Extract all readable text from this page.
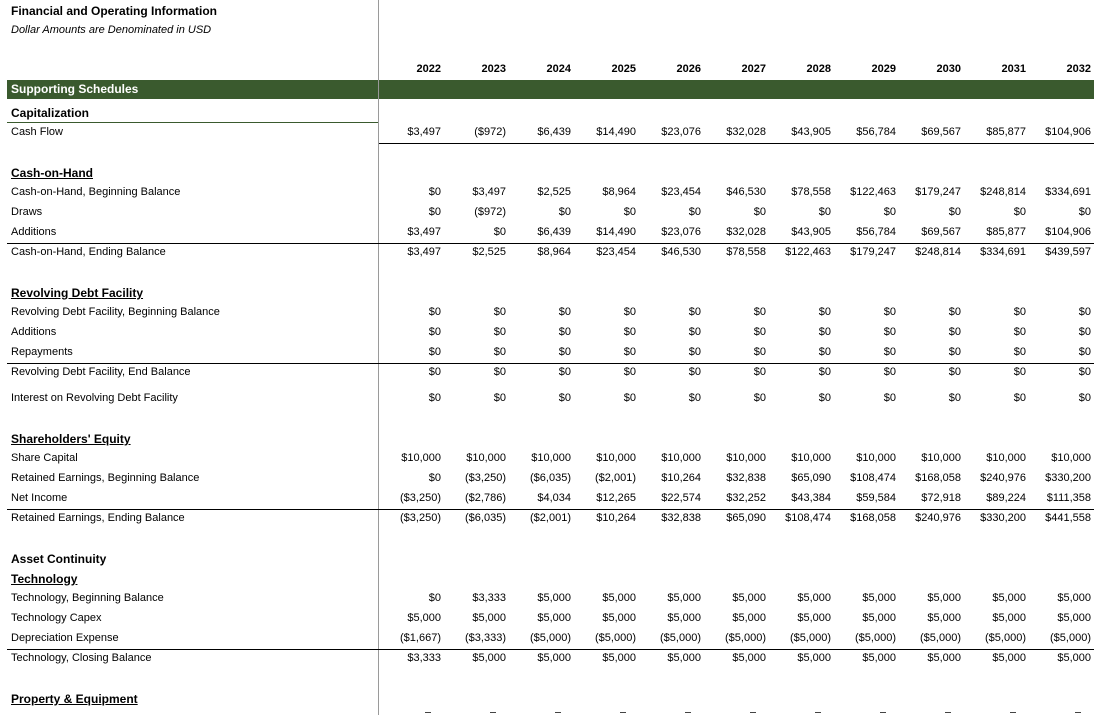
Financial and Operating Information
Dollar Amounts are Denominated in USD
2022	2023	2024	2025	2026	2027	2028	2029	2030	2031	2032
Supporting Schedules
Capitalization
Cash Flow	$3,497	($972)	$6,439	$14,490	$23,076	$32,028	$43,905	$56,784	$69,567	$85,877	$104,906
Cash-on-Hand
Cash-on-Hand, Beginning Balance	$0	$3,497	$2,525	$8,964	$23,454	$46,530	$78,558	$122,463	$179,247	$248,814	$334,691
Draws	$0	($972)	$0	$0	$0	$0	$0	$0	$0	$0	$0
Additions	$3,497	$0	$6,439	$14,490	$23,076	$32,028	$43,905	$56,784	$69,567	$85,877	$104,906
Cash-on-Hand, Ending Balance	$3,497	$2,525	$8,964	$23,454	$46,530	$78,558	$122,463	$179,247	$248,814	$334,691	$439,597
Revolving Debt Facility
Revolving Debt Facility, Beginning Balance	$0	$0	$0	$0	$0	$0	$0	$0	$0	$0	$0
Additions	$0	$0	$0	$0	$0	$0	$0	$0	$0	$0	$0
Repayments	$0	$0	$0	$0	$0	$0	$0	$0	$0	$0	$0
Revolving Debt Facility, End Balance	$0	$0	$0	$0	$0	$0	$0	$0	$0	$0	$0
Interest on Revolving Debt Facility	$0	$0	$0	$0	$0	$0	$0	$0	$0	$0	$0
Shareholders' Equity
Share Capital	$10,000	$10,000	$10,000	$10,000	$10,000	$10,000	$10,000	$10,000	$10,000	$10,000	$10,000
Retained Earnings, Beginning Balance	$0	($3,250)	($6,035)	($2,001)	$10,264	$32,838	$65,090	$108,474	$168,058	$240,976	$330,200
Net Income	($3,250)	($2,786)	$4,034	$12,265	$22,574	$32,252	$43,384	$59,584	$72,918	$89,224	$111,358
Retained Earnings, Ending Balance	($3,250)	($6,035)	($2,001)	$10,264	$32,838	$65,090	$108,474	$168,058	$240,976	$330,200	$441,558
Asset Continuity
Technology
Technology, Beginning Balance	$0	$3,333	$5,000	$5,000	$5,000	$5,000	$5,000	$5,000	$5,000	$5,000	$5,000
Technology Capex	$5,000	$5,000	$5,000	$5,000	$5,000	$5,000	$5,000	$5,000	$5,000	$5,000	$5,000
Depreciation Expense	($1,667)	($3,333)	($5,000)	($5,000)	($5,000)	($5,000)	($5,000)	($5,000)	($5,000)	($5,000)	($5,000)
Technology, Closing Balance	$3,333	$5,000	$5,000	$5,000	$5,000	$5,000	$5,000	$5,000	$5,000	$5,000	$5,000
Property & Equipment
